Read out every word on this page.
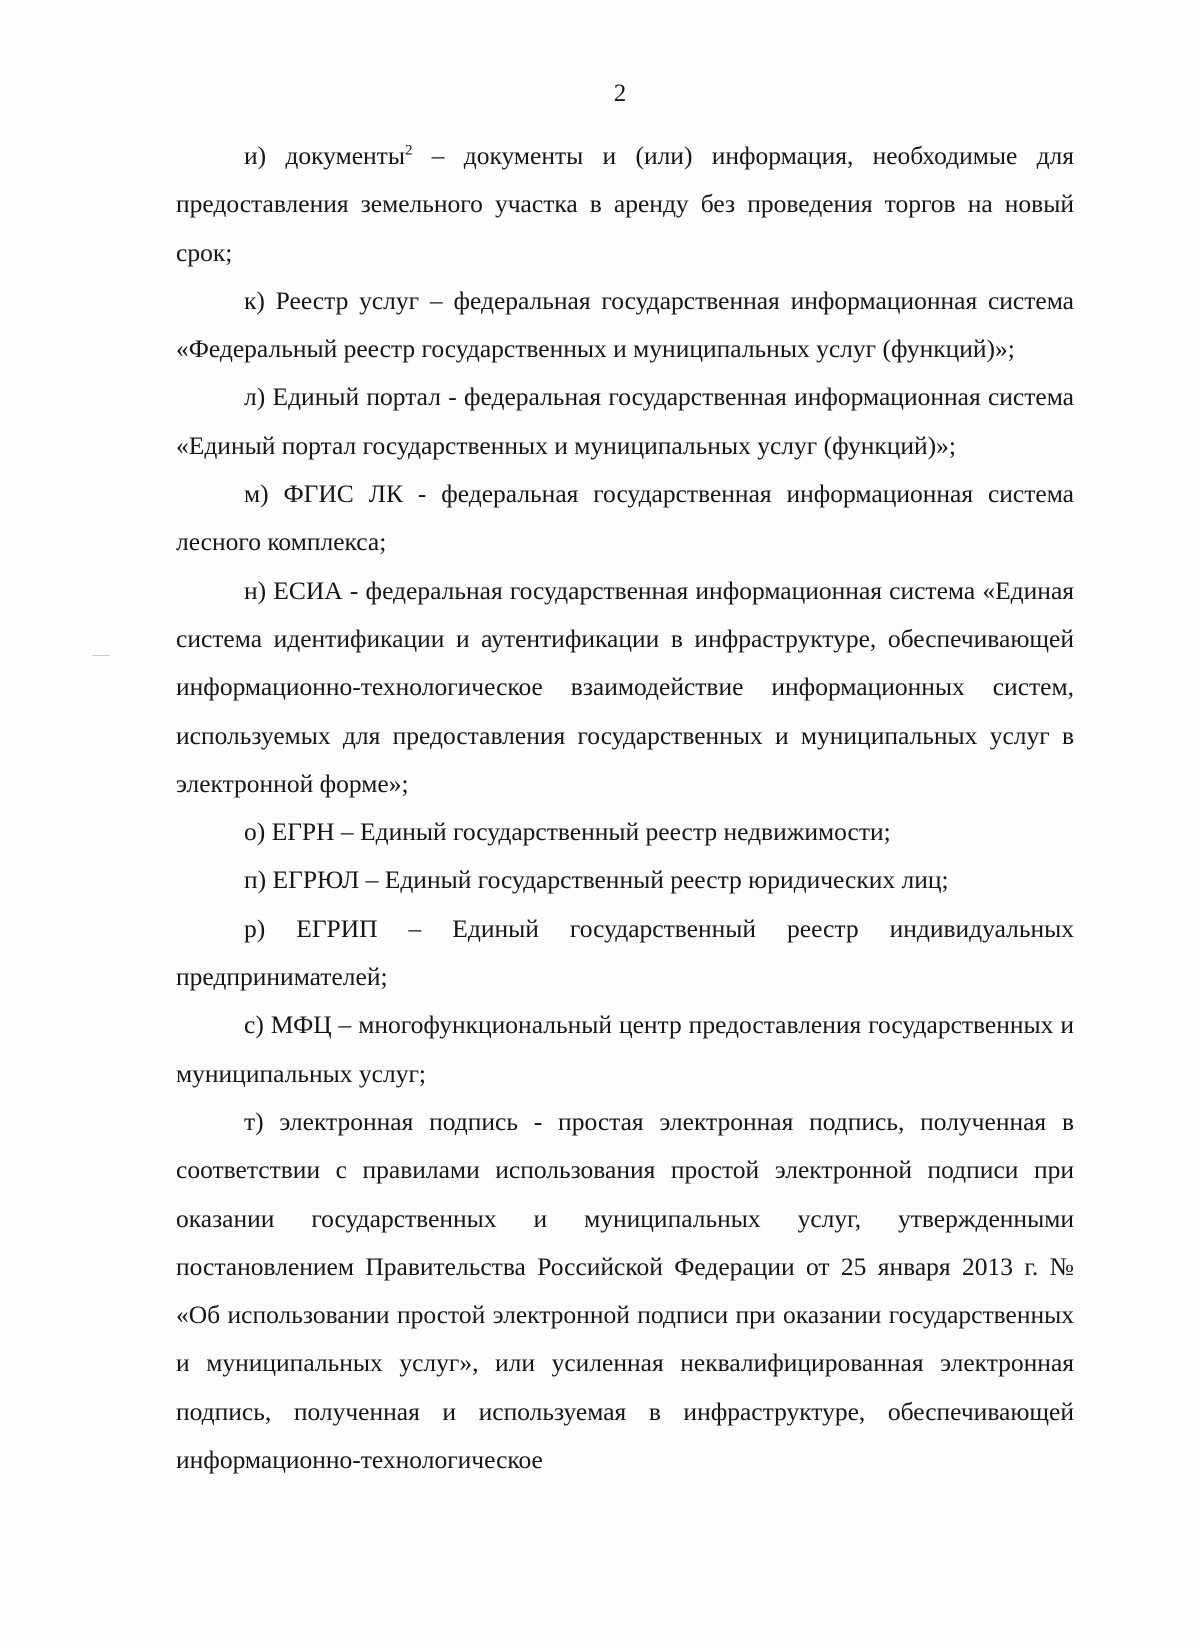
2

и) документы$^2$ – документы и (или) информация, необходимые для предоставления земельного участка в аренду без проведения торгов на новый срок;

к) Реестр услуг – федеральная государственная информационная система «Федеральный реестр государственных и муниципальных услуг (функций)»;

л) Единый портал - федеральная государственная информационная система «Единый портал государственных и муниципальных услуг (функций)»;

м) ФГИС ЛК - федеральная государственная информационная система лесного комплекса;

н) ЕСИА - федеральная государственная информационная система «Единая система идентификации и аутентификации в инфраструктуре, обеспечивающей информационно-технологическое взаимодействие информационных систем, используемых для предоставления государственных и муниципальных услуг в электронной форме»;

о) ЕГРН – Единый государственный реестр недвижимости;

п) ЕГРЮЛ – Единый государственный реестр юридических лиц;

р) ЕГРИП – Единый государственный реестр индивидуальных предпринимателей;

с) МФЦ – многофункциональный центр предоставления государственных и муниципальных услуг;

т) электронная подпись - простая электронная подпись, полученная в соответствии с правилами использования простой электронной подписи при оказании государственных и муниципальных услуг, утвержденными постановлением Правительства Российской Федерации от 25 января 2013 г. № «Об использовании простой электронной подписи при оказании государственных и муниципальных услуг», или усиленная неквалифицированная электронная подпись, полученная и используемая в инфраструктуре, обеспечивающей информационно-технологическое
